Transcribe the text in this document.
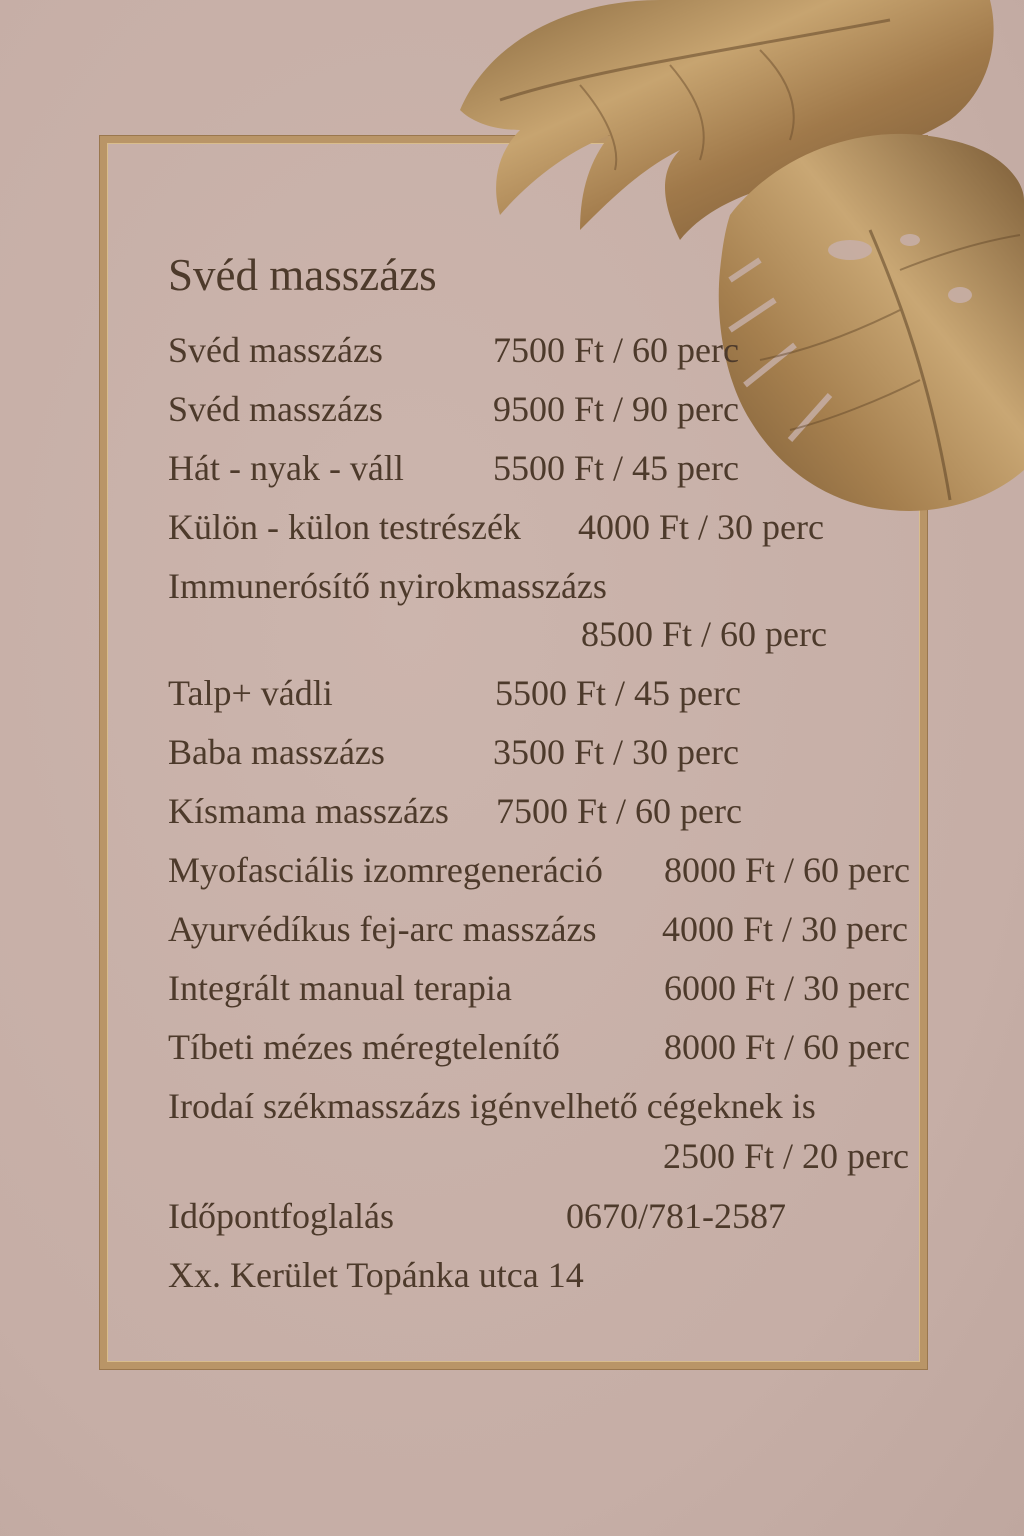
Svéd masszázs
Svéd masszázs	7500 Ft / 60 perc
Svéd masszázs	9500 Ft / 90 perc
Hát - nyak - váll 5500 Ft / 45 perc
Külön - külon testrészék 4000 Ft / 30 perc
Immunerósítő nyirokmasszázs
8500 Ft / 60 perc
Talp+ vádli	5500 Ft / 45 perc
Baba masszázs	3500 Ft / 30 perc
Kísmama masszázs 7500 Ft / 60 perc
Myofasciális izomregeneráció 8000 Ft / 60 perc
Ayurvédíkus fej-arc masszázs 4000 Ft / 30 perc
Integrált manual terapia	6000 Ft / 30 perc
Tíbeti mézes méregtelenítő	8000 Ft / 60 perc
Irodaí székmasszázs igénvelhető cégeknek is
2500 Ft / 20 perc
Időpontfoglalás	0670/781-2587
Xx. Kerület Topánka utca 14
